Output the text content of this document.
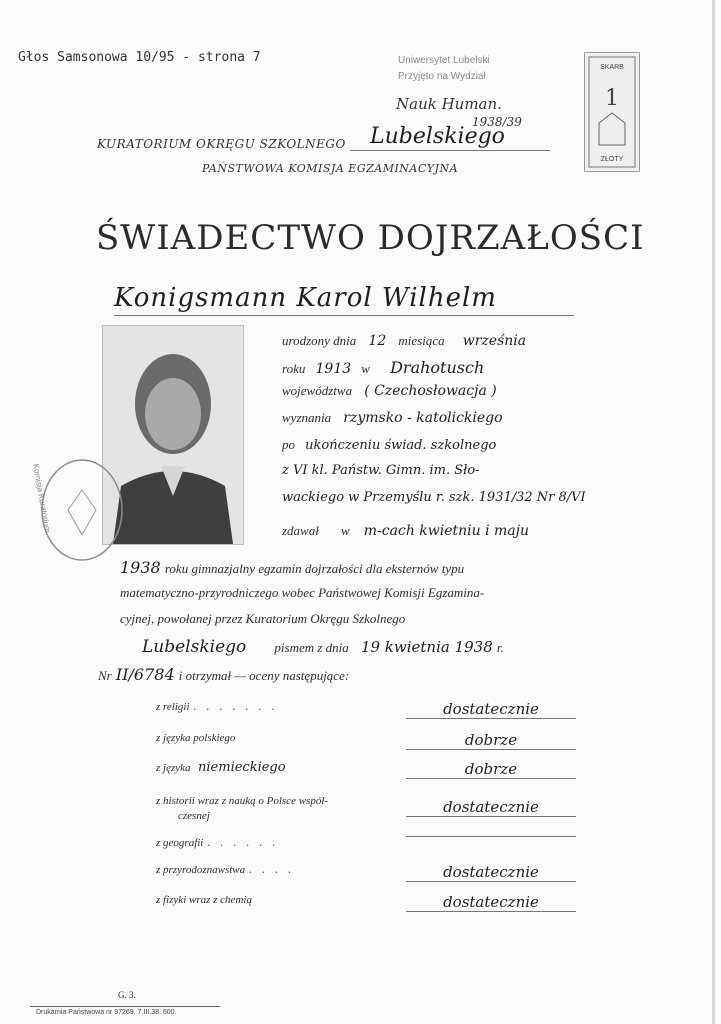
Głos Samsonowa 10/95 - strona 7	Uniwersytet Lubelski
Przyjęto na Wydział
Nauk Human.
1938/39
SKARB
1
ZŁOTY
KURATORIUM OKRĘGU SZKOLNEGO Lubelskiego
PAŃSTWOWA KOMISJA EGZAMINACYJNA
ŚWIADECTWO DOJRZAŁOŚCI
Konigsmann Karol Wilhelm
Komisja Kuratorium
urodzony dnia 12 miesiąca września
roku 1913 w Drahotusch
województwa ( Czechosłowacja )
wyznania rzymsko - katolickiego
po ukończeniu świad. szkolnego
z VI kl. Państw. Gimn. im. Sło-
wackiego w Przemyślu r. szk. 1931/32 Nr 8/VI
zdawał w m-cach kwietniu i maju
1938 roku gimnazjalny egzamin dojrzałości dla eksternów typu
matematyczno-przyrodniczego wobec Państwowej Komisji Egzamina-
cyjnej, powołanej przez Kuratorium Okręgu Szkolnego
Lubelskiego pismem z dnia 19 kwietnia 1938 r.
Nr II/6784 i otrzymał — oceny następujące:
z religii . . . . . . .	dostatecznie
z języka polskiego	dobrze
z języka niemieckiego	dobrze
z historii wraz z nauką o Polsce współ-	dostatecznie
czesnej
z geografii . . . . . .
z przyrodoznawstwa . . . .	dostatecznie
z fizyki wraz z chemią	dostatecznie
G. 3.
Drukarnia Państwowa nr 97269. 7.III.38. 600.
